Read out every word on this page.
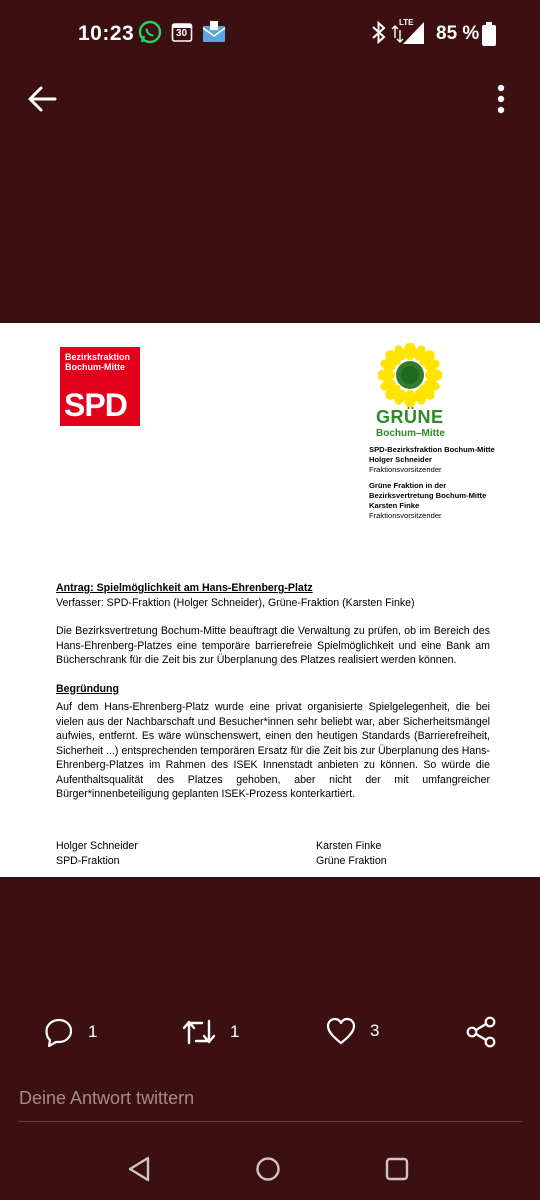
10:23	30
LTE
85 %
Bezirksfraktion
Bochum-Mitte
SPD	GRÜNE
Bochum–Mitte
SPD-Bezirksfraktion Bochum-Mitte
Holger Schneider
Fraktionsvorsitzender
Grüne Fraktion in der
Bezirksvertretung Bochum-Mitte
Karsten Finke
Fraktionsvorsitzender
Antrag: Spielmöglichkeit am Hans-Ehrenberg-Platz
Verfasser: SPD-Fraktion (Holger Schneider), Grüne-Fraktion (Karsten Finke)
Die Bezirksvertretung Bochum-Mitte beauftragt die Verwaltung zu prüfen, ob im Bereich des Hans-Ehrenberg-Platzes eine temporäre barrierefreie Spielmöglichkeit und eine Bank am Bücherschrank für die Zeit bis zur Überplanung des Platzes realisiert werden können.
Begründung
Auf dem Hans-Ehrenberg-Platz wurde eine privat organisierte Spielgelegenheit, die bei vielen aus der Nachbarschaft und Besucher*innen sehr beliebt war, aber Sicherheitsmängel aufwies, entfernt. Es wäre wünschenswert, einen den heutigen Standards (Barrierefreiheit, Sicherheit ...) entsprechenden temporären Ersatz für die Zeit bis zur Überplanung des Hans-Ehrenberg-Platzes im Rahmen des ISEK Innenstadt anbieten zu können. So würde die Aufenthaltsqualität des Platzes gehoben, aber nicht der mit umfangreicher Bürger*innenbeteiligung geplanten ISEK-Prozess konterkartiert.
Holger Schneider
SPD-Fraktion
Karsten Finke
Grüne Fraktion
1	1	3
Deine Antwort twittern
